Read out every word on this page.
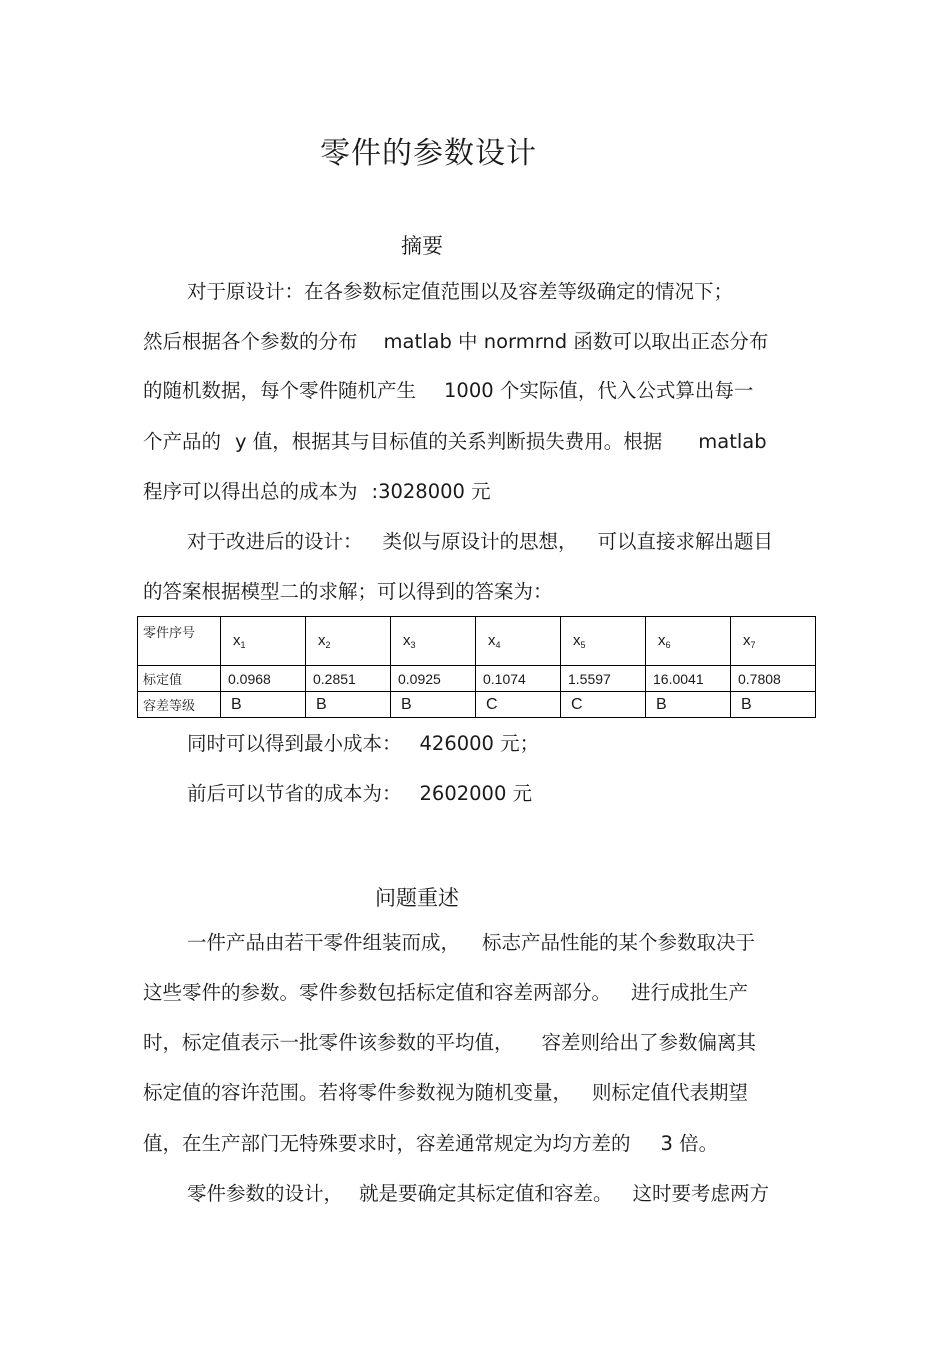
零件的参数设计
摘要
对于原设计：在各参数标定值范围以及容差等级确定的情况下；
然后根据各个参数的分布 matlab 中 normrnd 函数可以取出正态分布
的随机数据，每个零件随机产生 1000 个实际值，代入公式算出每一
个产品的 y 值，根据其与目标值的关系判断损失费用。根据 matlab
程序可以得出总的成本为 :3028000 元
对于改进后的设计： 类似与原设计的思想， 可以直接求解出题目
的答案根据模型二的求解；可以得到的答案为：
零件序号	$x_1$	$x_2$	$x_3$	$x_4$	$x_5$	$x_6$	$x_7$
标定值	0.0968	0.2851	0.0925	0.1074	1.5597	16.0041	0.7808
容差等级	B	B	B	C	C	B	B
同时可以得到最小成本： 426000 元；
前后可以节省的成本为： 2602000 元
问题重述
一件产品由若干零件组装而成， 标志产品性能的某个参数取决于
这些零件的参数。零件参数包括标定值和容差两部分。 进行成批生产
时，标定值表示一批零件该参数的平均值， 容差则给出了参数偏离其
标定值的容许范围。若将零件参数视为随机变量， 则标定值代表期望
值，在生产部门无特殊要求时，容差通常规定为均方差的 3 倍。
零件参数的设计， 就是要确定其标定值和容差。 这时要考虑两方
